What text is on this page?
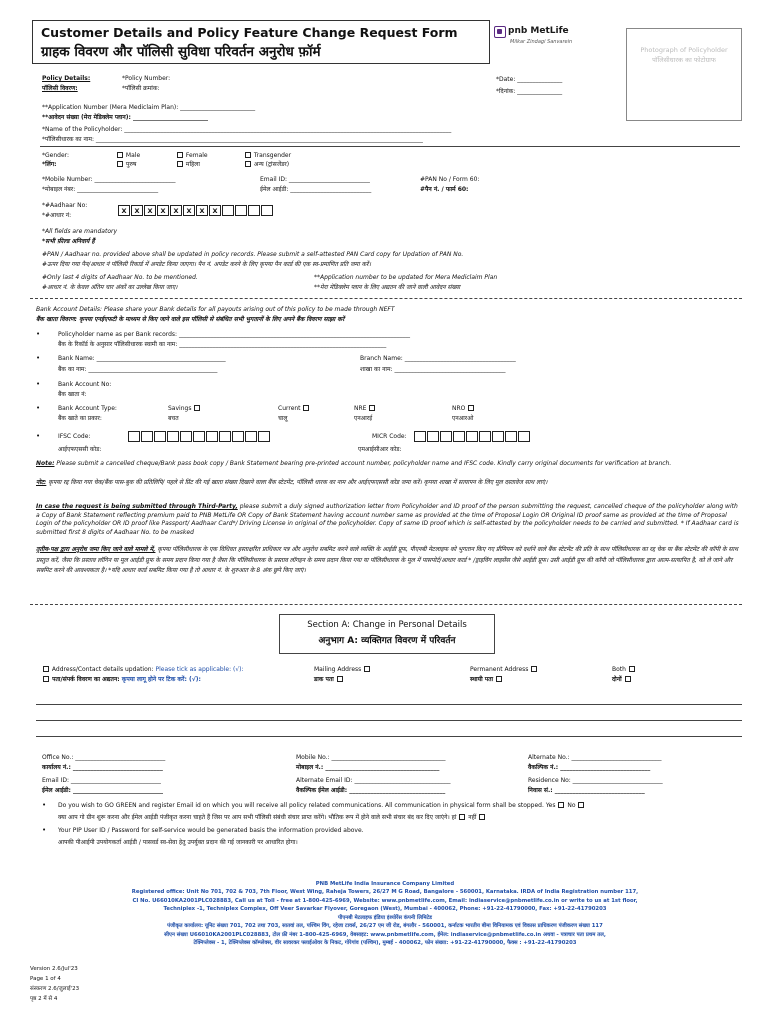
Customer Details and Policy Feature Change Request Form
ग्राहक विवरण और पॉलिसी सुविधा परिवर्तन अनुरोध फ़ॉर्म
pnb MetLife
Milkar Zindagi Sanvarein
Photograph of Policyholder
पॉलिसीधारक का फोटोग्राफ
Policy Details:
पॉलिसी विवरण:
*Policy Number:
*पॉलिसी क्रमांक:
*Date: _______________
*दिनांक: _______________
**Application Number (Mera Mediclaim Plan): _________________________
**आवेदन संख्या (मेरा मेडिक्लेम प्लान): _________________________
*Name of the Policyholder: _____________________________________________________________________________________________________________
*पॉलिसीधारक का नाम: _____________________________________________________________________________________________________________
*Gender:
*लिंग:
Male
पुरुष
Female
महिला
Transgender
अन्य (ट्रांसजेंडर)
*Mobile Number: ___________________________
*मोबाइल नंबर: ___________________________
Email ID: ___________________________
ईमेल आईडी: ___________________________
#PAN No / Form 60:
#पैन नं. / फार्म 60:
*#Aadhaar No:
*#आधार नं:
X	X	X	X	X	X	X	X
*All fields are mandatory
*सभी फ़ील्ड अनिवार्य हैं
#PAN / Aadhaar no. provided above shall be updated in policy records. Please submit a self-attested PAN Card copy for Updation of PAN No.
#ऊपर दिया गया पैन/आधार नं पॉलिसी रिकार्ड में अपडेट किया जाएगा। पैन नं. अपडेट करने के लिए कृपया पैन कार्ड की एक स्व-प्रमाणित प्रति जमा करें।
#Only last 4 digits of Aadhaar No. to be mentioned.
#आधार नं. के केवल अंतिम चार अंकों का उल्लेख किया जाए।
**Application number to be updated for Mera Mediclaim Plan
**मेरा मेडिक्लेम प्लान के लिए अद्यतन की जाने वाली आवेदन संख्या
Bank Account Details: Please share your Bank details for all payouts arising out of this policy to be made through NEFT
बैंक खाता विवरण: कृपया एनईएफटी के माध्यम से किए जाने वाले इस पॉलिसी से संबंधित सभी भुगतानों के लिए अपने बैंक विवरण साझा करें
•	Policyholder name as per Bank records: _____________________________________________________________________________
बैंक के रिकॉर्ड के अनुसार पॉलिसीधारक स्वामी का नाम: _____________________________________________________________________
•	Bank Name: ___________________________________________
बैंक का नाम: ___________________________________________
Branch Name: _____________________________________
शाखा का नाम: _____________________________________
•	Bank Account No:
बैंक खाता नं:
•	Bank Account Type:
बैंक खाते का प्रकार:
Savings
बचत
Current
चालू
NRE
एनआरई
NRO
एनआरओ
•	IFSC Code:
आईएफएससी कोड:
MICR Code:
एमआईसीआर कोड:
Note: Please submit a cancelled cheque/Bank pass book copy / Bank Statement bearing pre-printed account number, policyholder name and IFSC code. Kindly carry original documents for verification at branch.
नोट: कृपया रद्द किया गया चेक/बैंक पास-बुक की प्रतिलिपि/ पहले से प्रिंट की गई खाता संख्या दिखाने वाला बैंक स्टेटमेंट, पॉलिसी धारक का नाम और आईएफएससी कोड जमा करें। कृपया शाखा में सत्यापन के लिए मूल दस्तावेज साथ लाएं।
In case the request is being submitted through Third-Party, please submit a duly signed authorization letter from Policyholder and ID proof of the person submitting the request, cancelled cheque of the policyholder along with a Copy of Bank Statement reflecting premium paid to PNB MetLife OR Copy of Bank Statement having account number same as provided at the time of Proposal Login OR Original ID proof same as provided at the time of Proposal Login of the policyholder OR ID proof like Passport/ Aadhaar Card*/ Driving License in original of the policyholder. Copy of same ID proof which is self-attested by the policyholder needs to be carried and submitted. * If Aadhaar card is submitted first 8 digits of Aadhaar No. to be masked
तृतीय-पक्ष द्वारा अनुरोध जमा किए जाने वाले मामले में, कृपया पॉलिसीधारक के एक विधिवत हस्ताक्षरित प्राधिकार पत्र और अनुरोध सबमिट करने वाले व्यक्ति के आईडी प्रूफ, पीएनबी मेटलाइफ को भुगतान किए गए प्रीमियम को दर्शाने वाले बैंक स्टेटमेंट की प्रति के साथ पॉलिसीधारक का रद्द चेक या बैंक स्टेटमेंट की कॉपी के साथ प्रस्तुत करें, जैसा कि प्रस्ताव लॉगिन या मूल आईडी प्रूफ के समय प्रदान किया गया है जैसा कि पॉलिसीधारक के प्रस्ताव लॉगइन के समय प्रदान किया गया या पॉलिसीधारक के मूल में पासपोर्ट/आधार कार्ड * /ड्राइविंग लाइसेंस जैसे आईडी प्रूफ। उसी आईडी प्रूफ की कॉपी जो पॉलिसीधारक द्वारा आत्म-सत्यापित है, को ले जाने और सबमिट करने की आवश्यकता है। *यदि आधार कार्ड सबमिट किया गया है तो आधार नं. के शुरुआत के 8 अंक छुपे किए जाएं।
Section A: Change in Personal Details
अनुभाग A: व्यक्तिगत विवरण में परिवर्तन
Address/Contact details updation: Please tick as applicable: (√):
पता/संपर्क विवरण का अद्यतन: कृपया लागू होने पर टिक करें: (√):
Mailing Address
डाक पता
Permanent Address
स्थायी पता
Both
दोनों
Office No.: ______________________________
कार्यालय नं.: ______________________________
Mobile No.: ______________________________________
मोबाइल नं.: ______________________________________
Alternate No.: ______________________________
वैकल्पिक नं.: ______________________________
Email ID: ______________________________
ईमेल आईडी: ______________________________
Alternate Email ID: ________________________________
वैकल्पिक ईमेल आईडी: ________________________________
Residence No: ______________________________
निवास सं.: ______________________________
• Do you wish to GO GREEN and register Email id on which you will receive all policy related communications. All communication in physical form shall be stopped. Yes No
क्या आप गो ग्रीन शुरू करना और ईमेल आईडी पंजीकृत करना चाहते हैं जिस पर आप सभी पॉलिसी संबंधी संचार प्राप्त करेंगे। भौतिक रूप में होने वाले सभी संचार बंद कर दिए जाएंगे। हां नहीं
• Your PIP User ID / Password for self-service would be generated basis the information provided above.
आपकी पीआईपी उपयोगकर्ता आईडी / पासवर्ड स्व-सेवा हेतु उपर्युक्त प्रदान की गई जानकारी पर आधारित होगा।
PNB MetLife India Insurance Company Limited
Registered office: Unit No 701, 702 & 703, 7th Floor, West Wing, Raheja Towers, 26/27 M G Road, Bangalore - 560001, Karnataka. IRDA of India Registration number 117,
CI No. U66010KA2001PLC028883, Call us at Toll - free at 1-800-425-6969, Website: www.pnbmetlife.com, Email: indiaservice@pnbmetlife.co.in or write to us at 1st floor,
Techniplex -1, Techniplex Complex, Off Veer Savarkar Flyover, Goregaon (West), Mumbai - 400062, Phone: +91-22-41790000, Fax: +91-22-41790203
पीएनबी मेटलाइफ इंडिया इंश्योरेंस कंपनी लिमिटेड
पंजीकृत कार्यालय: यूनिट संख्या 701, 702 तथा 703, सातवां तल, पश्चिम विंग, रहेजा टावर्स, 26/27 एम जी रोड, बंगलौर - 560001, कर्नाटक भारतीय बीमा विनियामक एवं विकास प्राधिकरण पंजीकरण संख्या 117
सीएन संख्या U66010KA2001PLC028883, टोल फ्री नंबर 1-800-425-6969, वेबसाइट: www.pnbmetlife.com, ईमेल: indiaservice@pnbmetlife.co.in अथवा - पत्राचार पता प्रथम तल,
टेक्निप्लेक्स - 1, टेक्निप्लेक्स कॉम्प्लेक्स, वीर सावरकर फ्लाईओवर के निकट, गोरेगांव (पश्चिम), मुम्बई - 400062, फोन संख्या: +91-22-41790000, फैक्स : +91-22-41790203
Version 2.6/Jul'23
Page 1 of 4
संस्करण 2.6/जुलाई'23
पृष्ठ 2 में से 4
